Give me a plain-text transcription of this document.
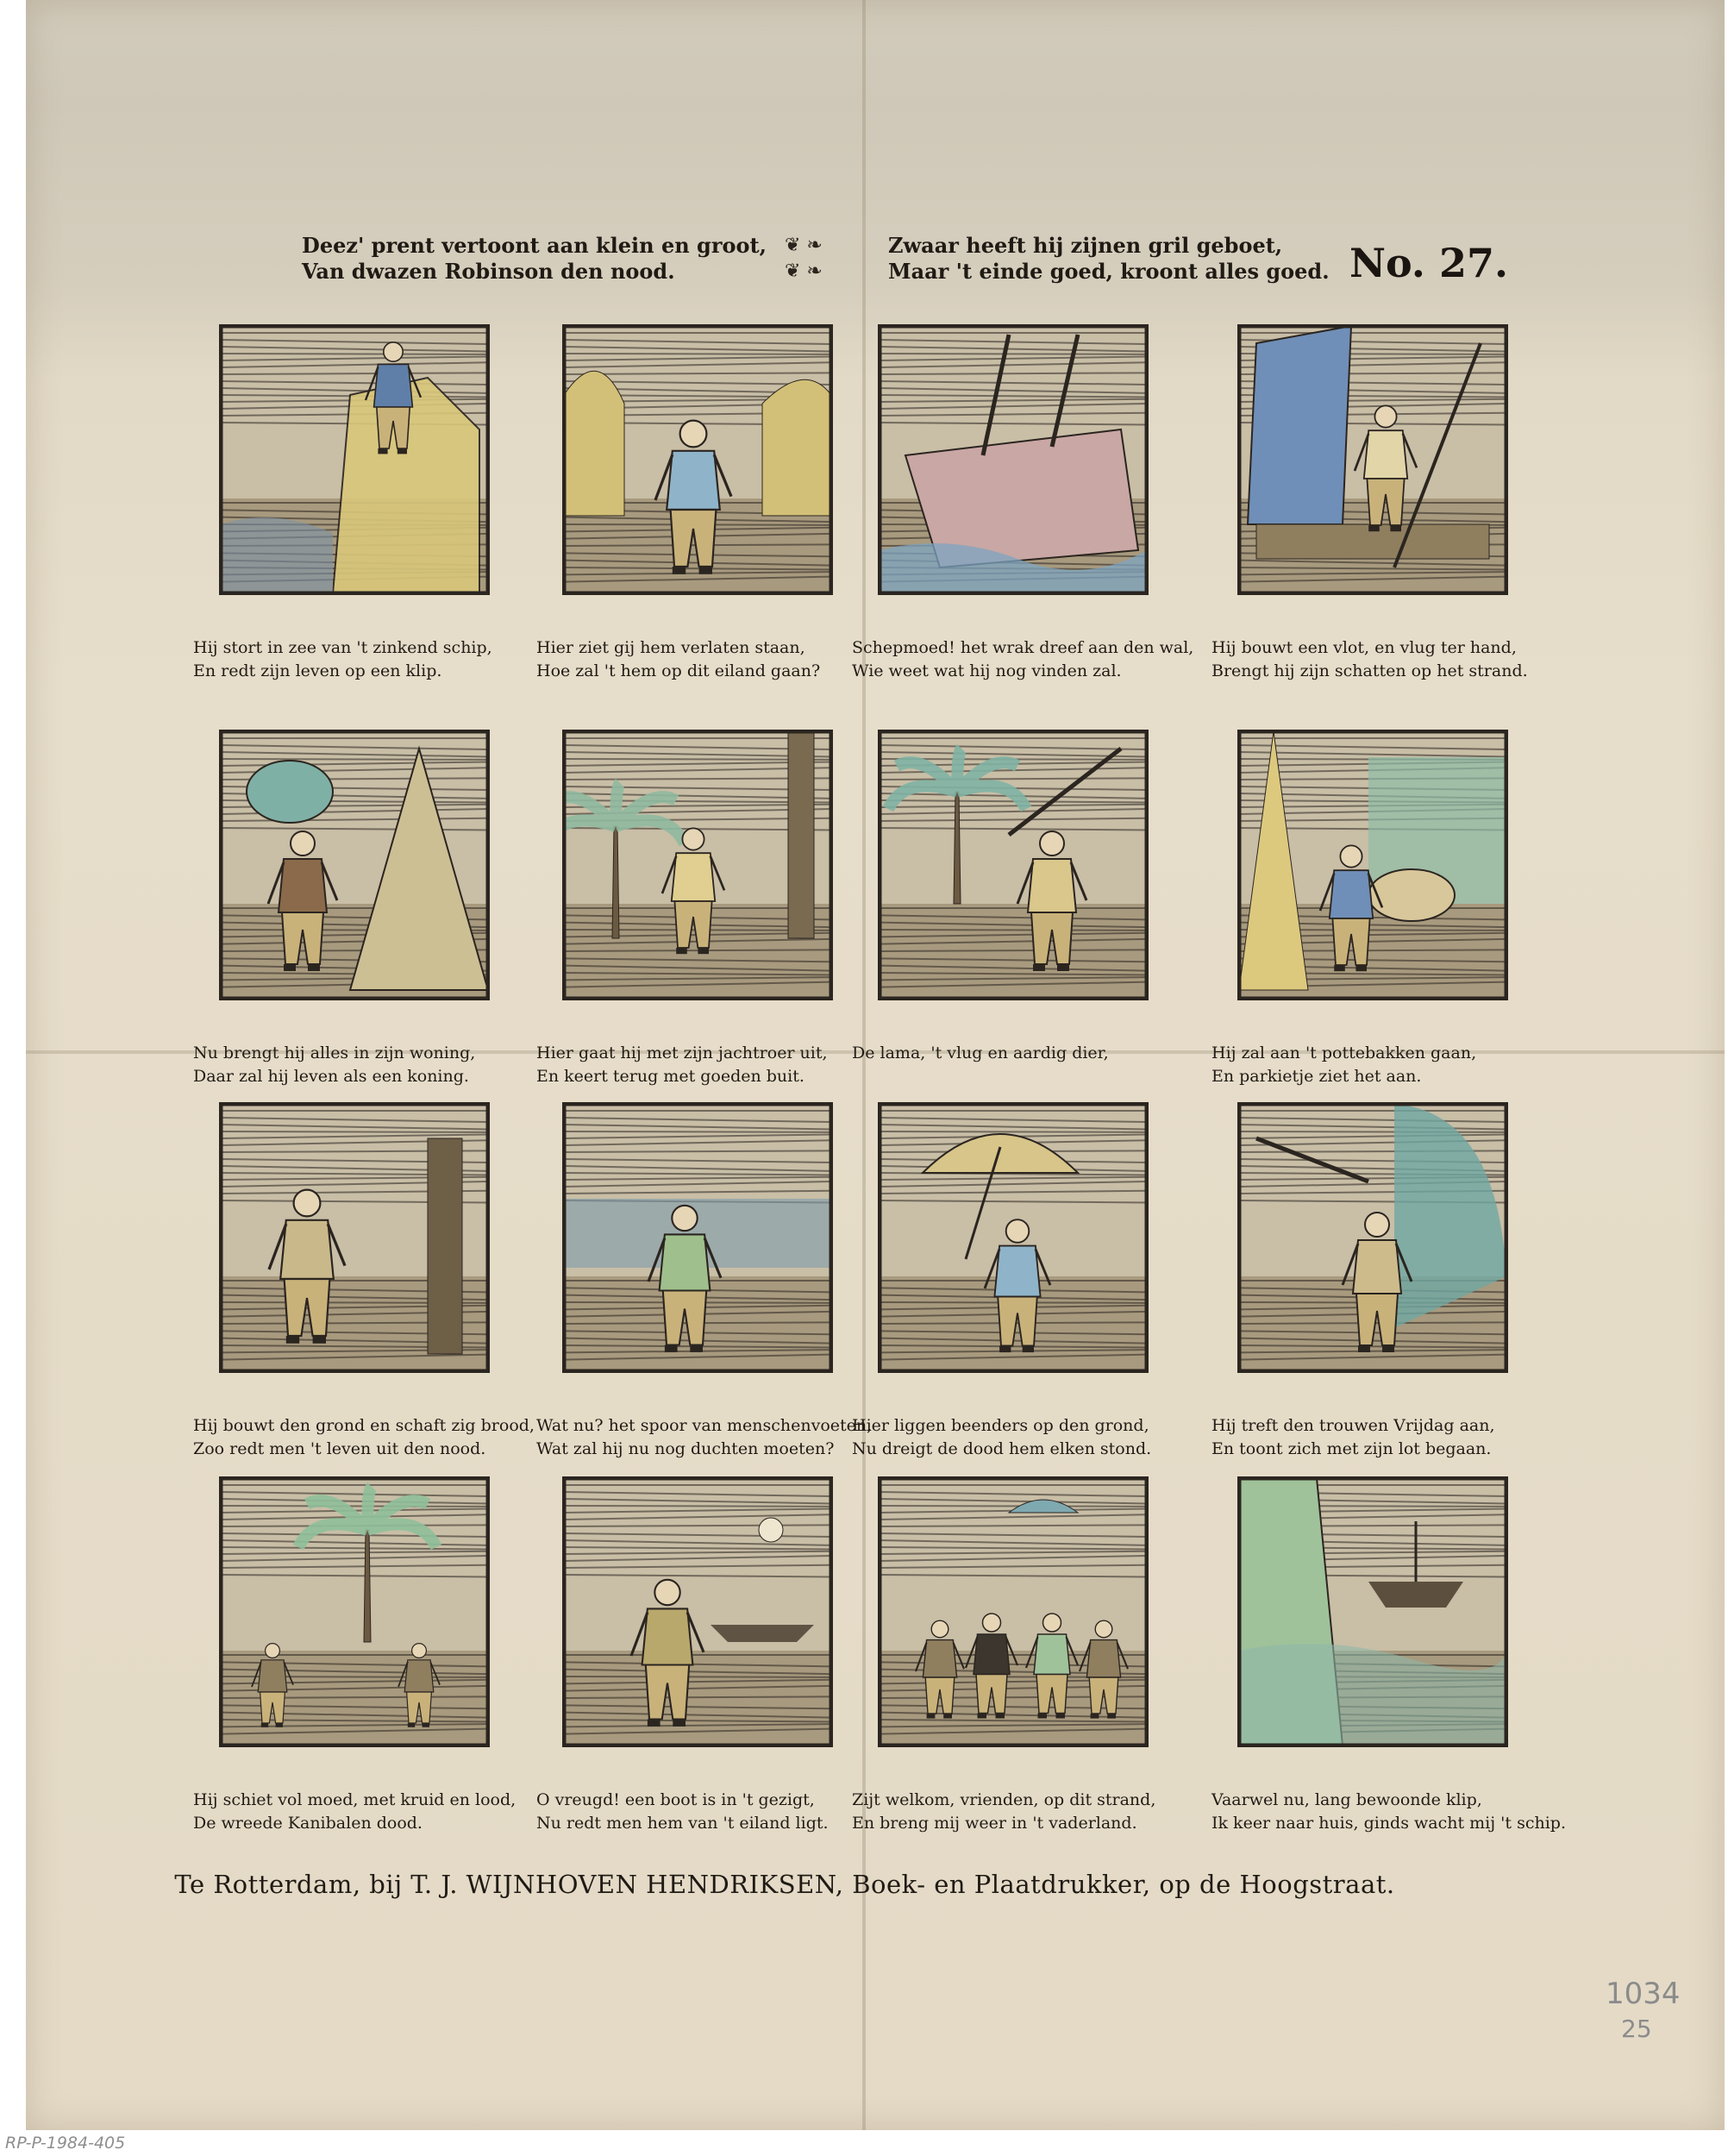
Deez' prent vertoont aan klein en groot,
Van dwazen Robinson den nood.
❦ ❧
❦ ❧
Zwaar heeft hij zijnen gril geboet,
Maar 't einde goed, kroont alles goed. No. 27.
Hij stort in zee van 't zinkend schip,
En redt zijn leven op een klip.
Hier ziet gij hem verlaten staan,
Hoe zal 't hem op dit eiland gaan?
Schepmoed! het wrak dreef aan den wal,
Wie weet wat hij nog vinden zal.
Hij bouwt een vlot, en vlug ter hand,
Brengt hij zijn schatten op het strand.
Nu brengt hij alles in zijn woning,
Daar zal hij leven als een koning.
Hier gaat hij met zijn jachtroer uit,
En keert terug met goeden buit.
De lama, 't vlug en aardig dier,	Hij zal aan 't pottebakken gaan,
En parkietje ziet het aan.
Hij bouwt den grond en schaft zig brood,
Zoo redt men 't leven uit den nood.
Wat nu? het spoor van menschenvoeten,
Wat zal hij nu nog duchten moeten?
Hier liggen beenders op den grond,
Nu dreigt de dood hem elken stond.
Hij treft den trouwen Vrijdag aan,
En toont zich met zijn lot begaan.
Hij schiet vol moed, met kruid en lood,
De wreede Kanibalen dood.
O vreugd! een boot is in 't gezigt,
Nu redt men hem van 't eiland ligt.
Zijt welkom, vrienden, op dit strand,
En breng mij weer in 't vaderland.
Vaarwel nu, lang bewoonde klip,
Ik keer naar huis, ginds wacht mij 't schip.
Te Rotterdam, bij T. J. WIJNHOVEN HENDRIKSEN, Boek- en Plaatdrukker, op de Hoogstraat.
1034
25
RP-P-1984-405
